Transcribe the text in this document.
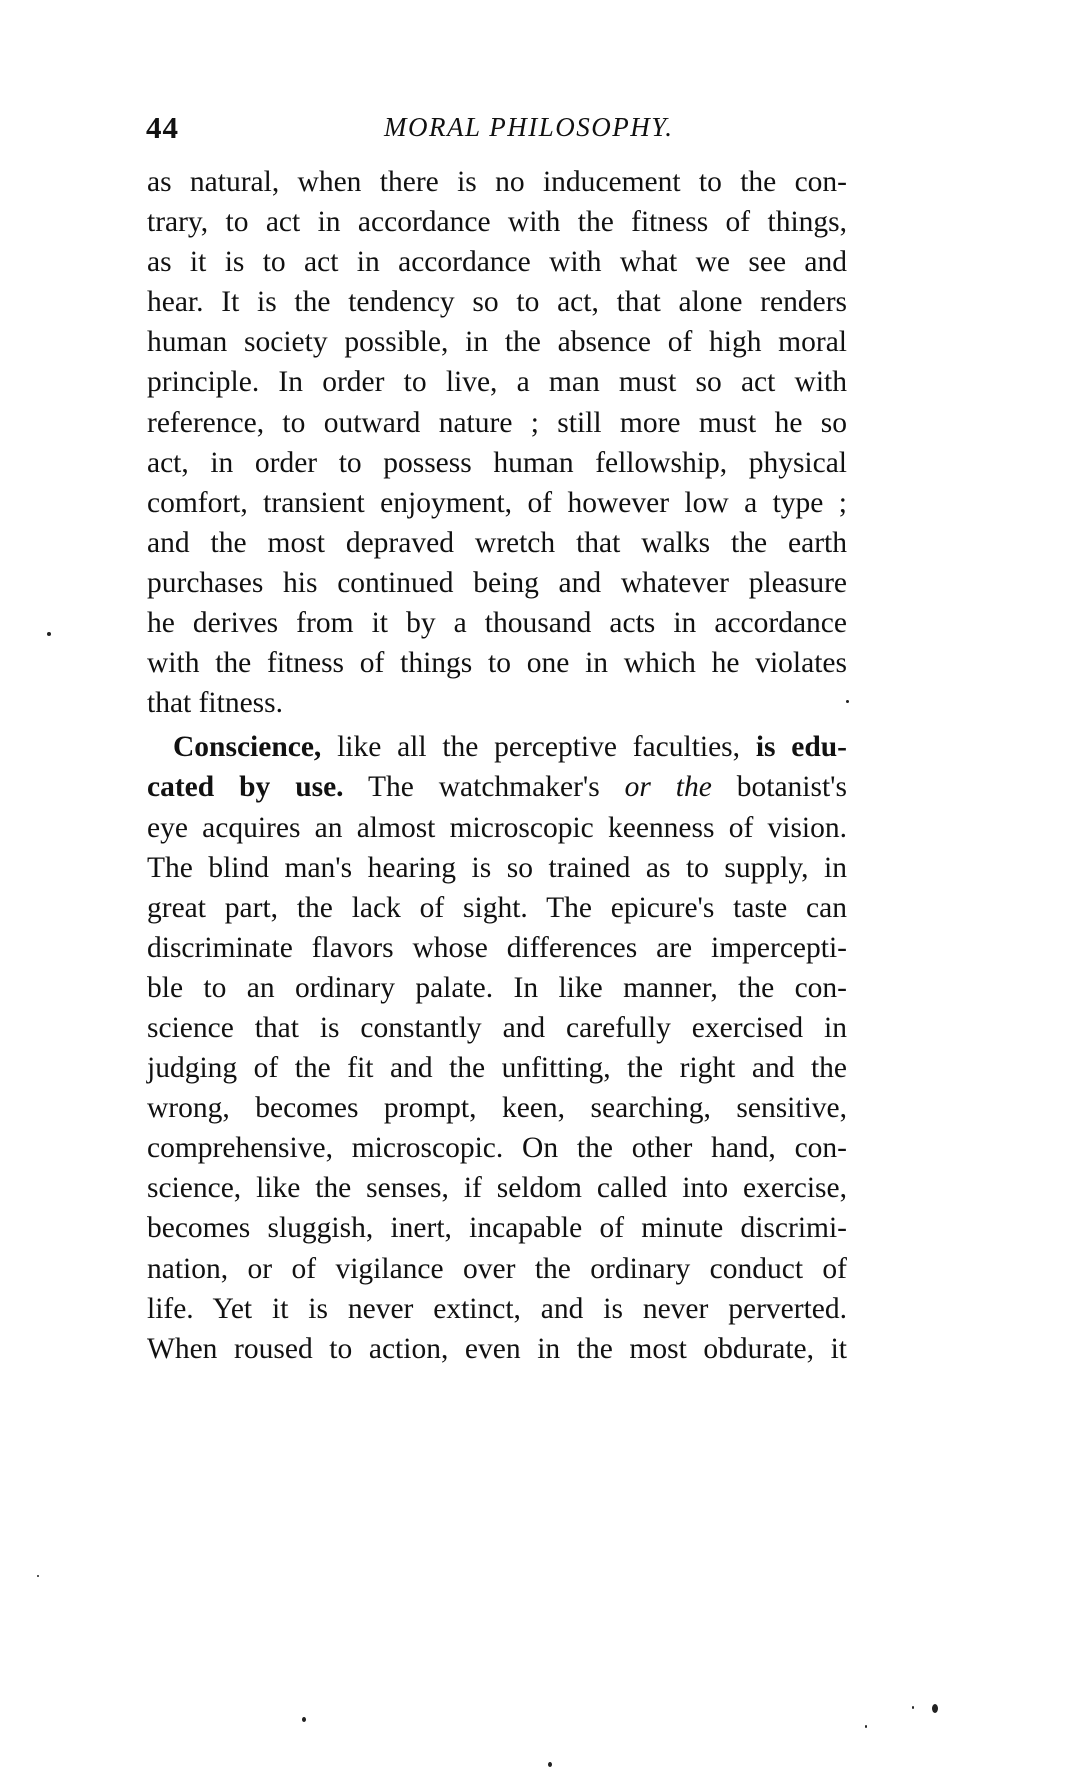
44	MORAL PHILOSOPHY.
as natural, when there is no inducement to the con-
trary, to act in accordance with the fitness of things,
as it is to act in accordance with what we see and
hear. It is the tendency so to act, that alone renders
human society possible, in the absence of high moral
principle. In order to live, a man must so act with
reference, to outward nature ; still more must he so
act, in order to possess human fellowship, physical
comfort, transient enjoyment, of however low a type ;
and the most depraved wretch that walks the earth
purchases his continued being and whatever pleasure
he derives from it by a thousand acts in accordance
with the fitness of things to one in which he violates
that fitness.
Conscience, like all the perceptive faculties, is edu-
cated by use. The watchmaker's or the botanist's
eye acquires an almost microscopic keenness of vision.
The blind man's hearing is so trained as to supply, in
great part, the lack of sight. The epicure's taste can
discriminate flavors whose differences are impercepti-
ble to an ordinary palate. In like manner, the con-
science that is constantly and carefully exercised in
judging of the fit and the unfitting, the right and the
wrong, becomes prompt, keen, searching, sensitive,
comprehensive, microscopic. On the other hand, con-
science, like the senses, if seldom called into exercise,
becomes sluggish, inert, incapable of minute discrimi-
nation, or of vigilance over the ordinary conduct of
life. Yet it is never extinct, and is never perverted.
When roused to action, even in the most obdurate, it
